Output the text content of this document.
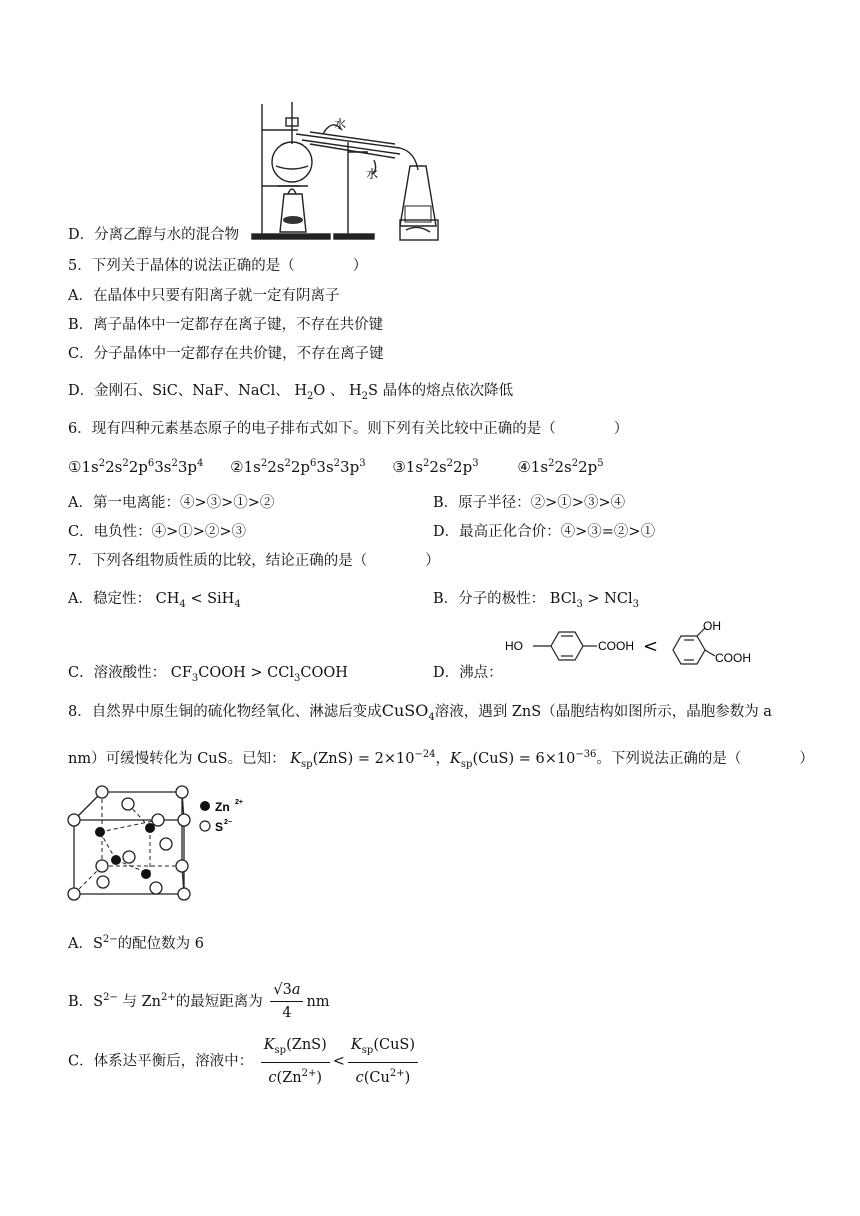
D．分离乙醇与水的混合物
水
水
5．下列关于晶体的说法正确的是（　　　　）
A．在晶体中只要有阳离子就一定有阴离子
B．离子晶体中一定都存在离子键，不存在共价键
C．分子晶体中一定都存在共价键，不存在离子键
D．金刚石、SiC、NaF、NaCl、 $H_2O$ 、 $H_2S$ 晶体的熔点依次降低
6．现有四种元素基态原子的电子排布式如下。则下列有关比较中正确的是（　　　　）
$①1s^22s^22p^63s^23p^4$ $②1s^22s^22p^63s^23p^3$ $③1s^22s^22p^3$	$④1s^22s^22p^5$
A．第一电离能：④>③>①>②	B．原子半径：②>①>③>④
C．电负性：④>①>②>③	D．最高正化合价：④>③=②>①
7．下列各组物质性质的比较，结论正确的是（　　　　）
A．稳定性： $CH_4 < SiH_4$	B．分子的极性： BCl$_3$ > NCl$_3$
C．溶液酸性： $CF_3COOH$ > CCl$_3$COOH	D．沸点：
HO	COOH <
OH
COOH
8．自然界中原生铜的硫化物经氧化、淋滤后变成CuSO$_4$溶液，遇到 ZnS（晶胞结构如图所示，晶胞参数为 a
nm）可缓慢转化为 CuS。已知： $K_{sp}(ZnS) = 2\times 10^{-24}$，$K_{sp}(CuS) = 6\times 10^{-36}$。下列说法正确的是（　　　　）
Zn 2+
S 2−
A．$S^{2-}$的配位数为 6
B．$S^{2-}$ 与 $Zn^{2+}$的最短距离为 $\frac{√3a}{4}$ nm
C．体系达平衡后，溶液中： $\frac{K_{sp}(ZnS)}{c(Zn^{2+})} < \frac{K_{sp}(CuS)}{c(Cu^{2+})}$
